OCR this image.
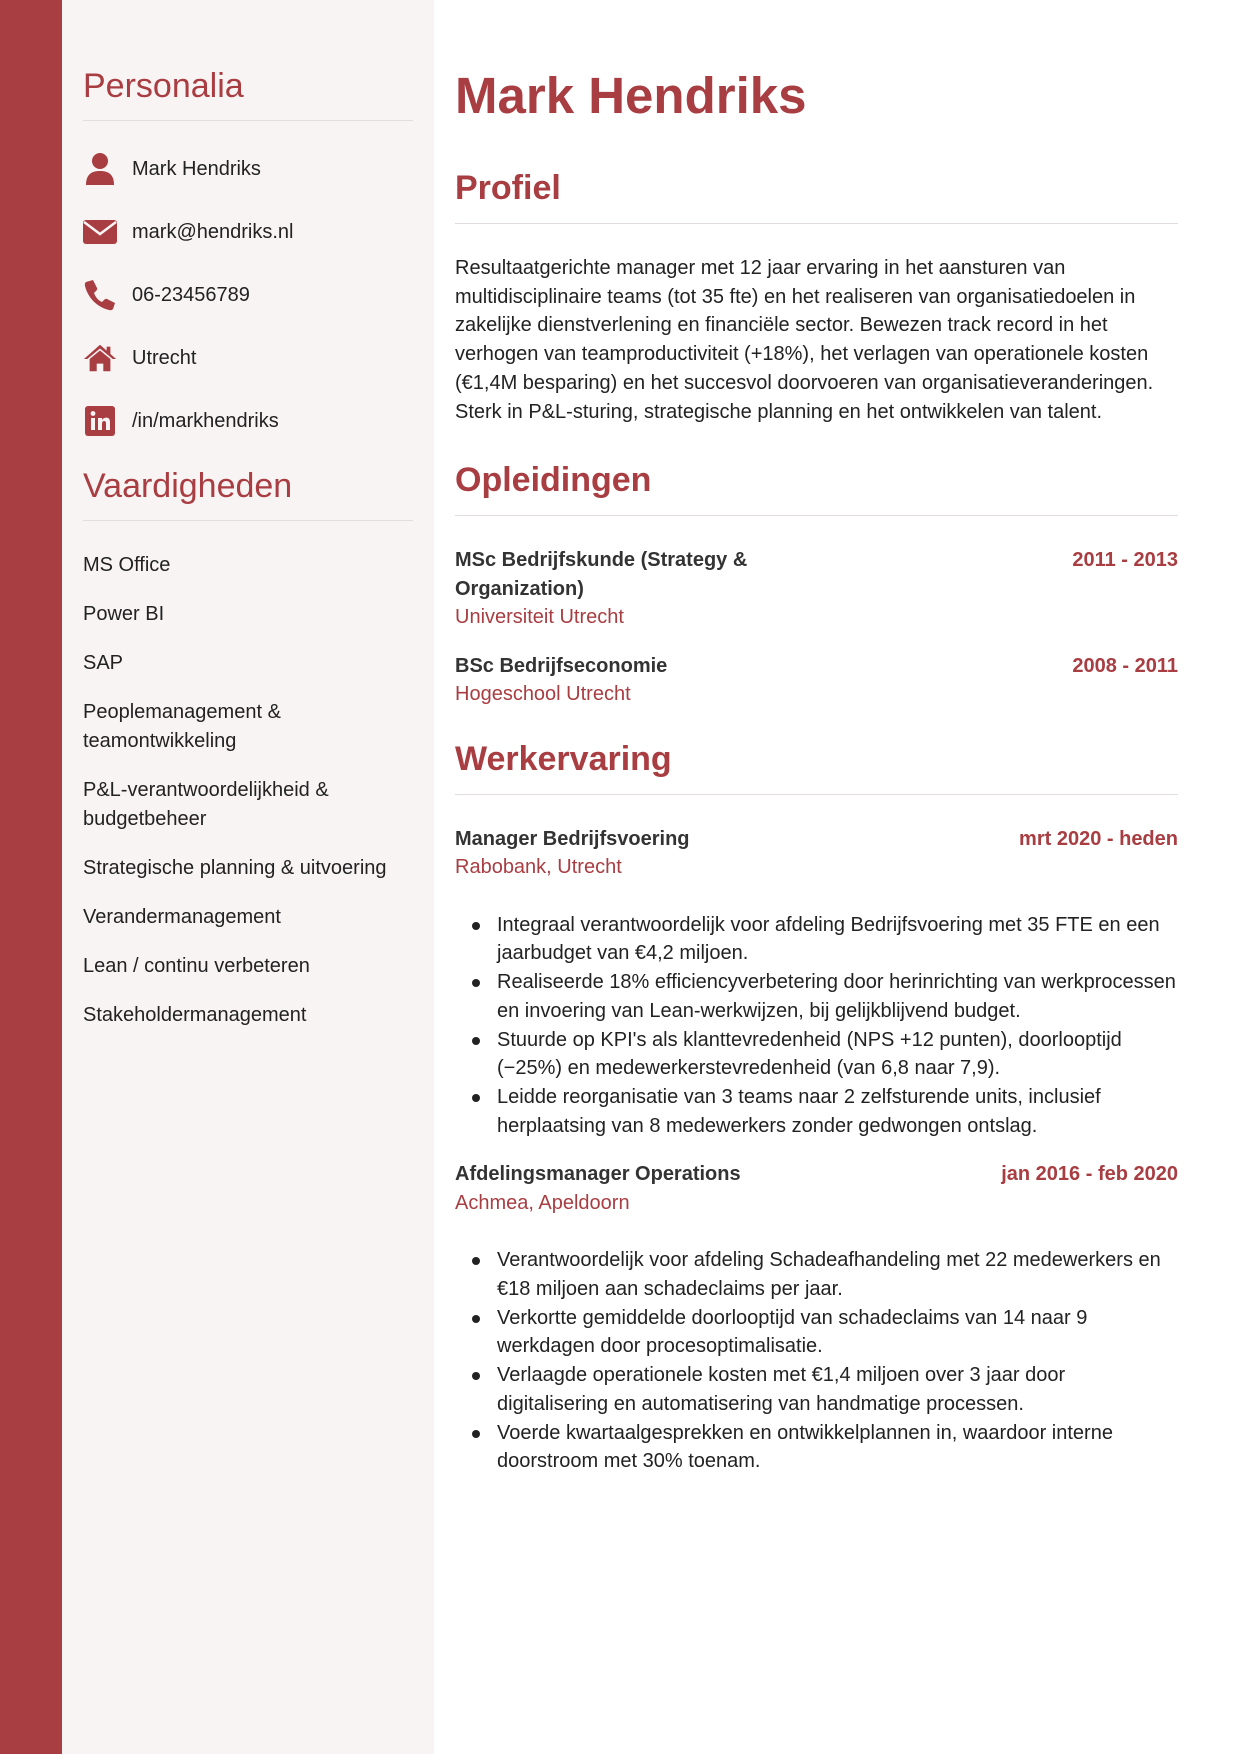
Personalia
Mark Hendriks
mark@hendriks.nl
06-23456789
Utrecht
/in/markhendriks
Vaardigheden
MS Office
Power BI
SAP
Peoplemanagement & teamontwikkeling
P&L-verantwoordelijkheid & budgetbeheer
Strategische planning & uitvoering
Verandermanagement
Lean / continu verbeteren
Stakeholdermanagement
Mark Hendriks
Profiel

Resultaatgerichte manager met 12 jaar ervaring in het aansturen van multidisciplinaire teams (tot 35 fte) en het realiseren van organisatiedoelen in zakelijke dienstverlening en financiële sector. Bewezen track record in het verhogen van teamproductiviteit (+18%), het verlagen van operationele kosten (€1,4M besparing) en het succesvol doorvoeren van organisatieveranderingen. Sterk in P&L-sturing, strategische planning en het ontwikkelen van talent.

Opleidingen
MSc Bedrijfskunde (Strategy & Organization)
2011 - 2013
Universiteit Utrecht
BSc Bedrijfseconomie	2008 - 2011
Hogeschool Utrecht
Werkervaring
Manager Bedrijfsvoering	mrt 2020 - heden
Rabobank, Utrecht
Integraal verantwoordelijk voor afdeling Bedrijfsvoering met 35 FTE en een jaarbudget van €4,2 miljoen.
Realiseerde 18% efficiencyverbetering door herinrichting van werkprocessen en invoering van Lean-werkwijzen, bij gelijkblijvend budget.
Stuurde op KPI's als klanttevredenheid (NPS +12 punten), doorlooptijd (−25%) en medewerkerstevredenheid (van 6,8 naar 7,9).
Leidde reorganisatie van 3 teams naar 2 zelfsturende units, inclusief herplaatsing van 8 medewerkers zonder gedwongen ontslag.
Afdelingsmanager Operations	jan 2016 - feb 2020
Achmea, Apeldoorn
Verantwoordelijk voor afdeling Schadeafhandeling met 22 medewerkers en €18 miljoen aan schadeclaims per jaar.
Verkortte gemiddelde doorlooptijd van schadeclaims van 14 naar 9 werkdagen door procesoptimalisatie.
Verlaagde operationele kosten met €1,4 miljoen over 3 jaar door digitalisering en automatisering van handmatige processen.
Voerde kwartaalgesprekken en ontwikkelplannen in, waardoor interne doorstroom met 30% toenam.
